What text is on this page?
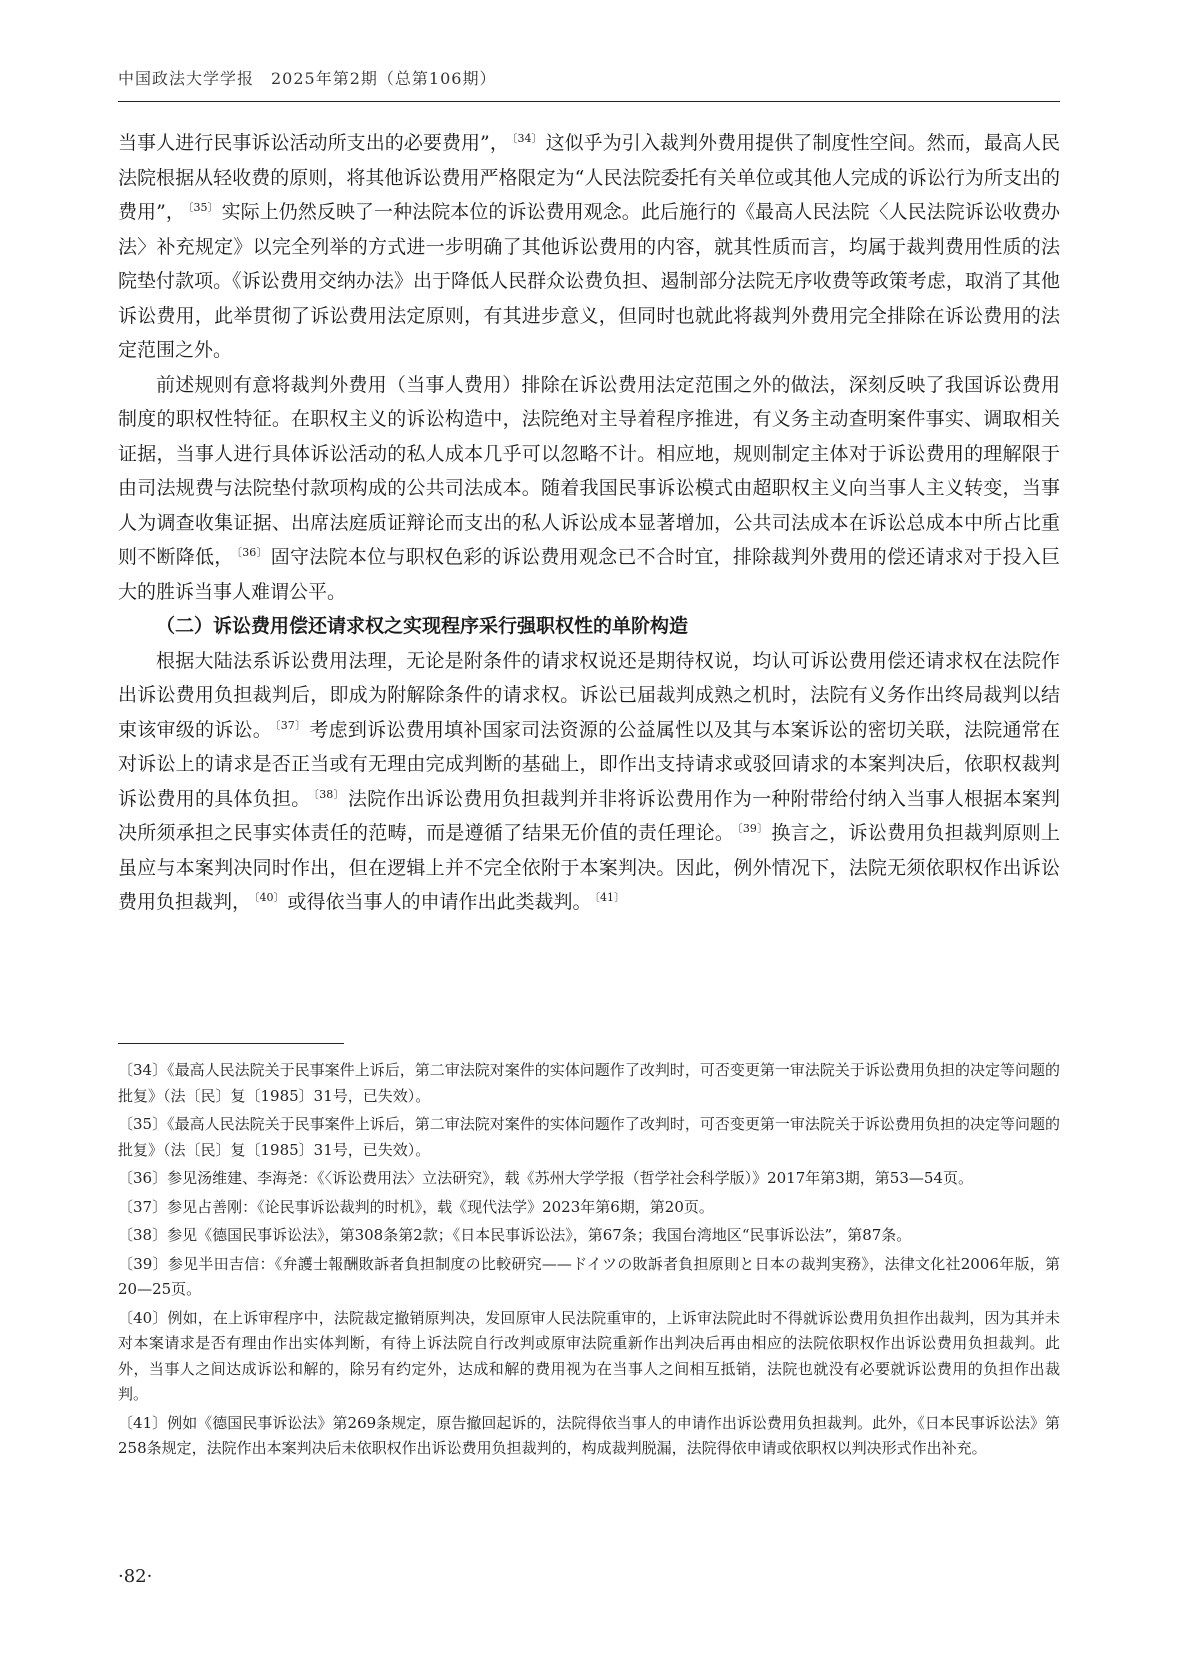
中国政法大学学报　2025年第2期（总第106期）

当事人进行民事诉讼活动所支出的必要费用”， $^{〔34〕}$ 这似乎为引入裁判外费用提供了制度性空间。然而，最高人民法院根据从轻收费的原则，将其他诉讼费用严格限定为“人民法院委托有关单位或其他人完成的诉讼行为所支出的费用”， $^{〔35〕}$ 实际上仍然反映了一种法院本位的诉讼费用观念。此后施行的《最高人民法院〈人民法院诉讼收费办法〉补充规定》以完全列举的方式进一步明确了其他诉讼费用的内容，就其性质而言，均属于裁判费用性质的法院垫付款项。《诉讼费用交纳办法》出于降低人民群众讼费负担、遏制部分法院无序收费等政策考虑，取消了其他诉讼费用，此举贯彻了诉讼费用法定原则，有其进步意义，但同时也就此将裁判外费用完全排除在诉讼费用的法定范围之外。

前述规则有意将裁判外费用（当事人费用）排除在诉讼费用法定范围之外的做法，深刻反映了我国诉讼费用制度的职权性特征。在职权主义的诉讼构造中，法院绝对主导着程序推进，有义务主动查明案件事实、调取相关证据，当事人进行具体诉讼活动的私人成本几乎可以忽略不计。相应地，规则制定主体对于诉讼费用的理解限于由司法规费与法院垫付款项构成的公共司法成本。随着我国民事诉讼模式由超职权主义向当事人主义转变，当事人为调查收集证据、出席法庭质证辩论而支出的私人诉讼成本显著增加，公共司法成本在诉讼总成本中所占比重则不断降低， $^{〔36〕}$ 固守法院本位与职权色彩的诉讼费用观念已不合时宜，排除裁判外费用的偿还请求对于投入巨大的胜诉当事人难谓公平。

（二）诉讼费用偿还请求权之实现程序采行强职权性的单阶构造

根据大陆法系诉讼费用法理，无论是附条件的请求权说还是期待权说，均认可诉讼费用偿还请求权在法院作出诉讼费用负担裁判后，即成为附解除条件的请求权。诉讼已届裁判成熟之机时，法院有义务作出终局裁判以结束该审级的诉讼。 $^{〔37〕}$ 考虑到诉讼费用填补国家司法资源的公益属性以及其与本案诉讼的密切关联，法院通常在对诉讼上的请求是否正当或有无理由完成判断的基础上，即作出支持请求或驳回请求的本案判决后，依职权裁判诉讼费用的具体负担。 $^{〔38〕}$ 法院作出诉讼费用负担裁判并非将诉讼费用作为一种附带给付纳入当事人根据本案判决所须承担之民事实体责任的范畴，而是遵循了结果无价值的责任理论。 $^{〔39〕}$ 换言之，诉讼费用负担裁判原则上虽应与本案判决同时作出，但在逻辑上并不完全依附于本案判决。因此，例外情况下，法院无须依职权作出诉讼费用负担裁判， $^{〔40〕}$ 或得依当事人的申请作出此类裁判。 $^{〔41〕}$

〔34〕《最高人民法院关于民事案件上诉后，第二审法院对案件的实体问题作了改判时，可否变更第一审法院关于诉讼费用负担的决定等问题的批复》（法〔民〕复〔1985〕31号，已失效）。

〔35〕《最高人民法院关于民事案件上诉后，第二审法院对案件的实体问题作了改判时，可否变更第一审法院关于诉讼费用负担的决定等问题的批复》（法〔民〕复〔1985〕31号，已失效）。

〔36〕参见汤维建、李海尧：《〈诉讼费用法〉立法研究》，载《苏州大学学报（哲学社会科学版）》2017年第3期，第53—54页。

〔37〕参见占善刚：《论民事诉讼裁判的时机》，载《现代法学》2023年第6期，第20页。

〔38〕参见《德国民事诉讼法》，第308条第2款；《日本民事诉讼法》，第67条；我国台湾地区“民事诉讼法”，第87条。

〔39〕参见半田吉信：《弁護士報酬敗訴者負担制度の比較研究——ドイツの敗訴者負担原則と日本の裁判実務》，法律文化社2006年版，第20—25页。

〔40〕例如，在上诉审程序中，法院裁定撤销原判决，发回原审人民法院重审的，上诉审法院此时不得就诉讼费用负担作出裁判，因为其并未对本案请求是否有理由作出实体判断，有待上诉法院自行改判或原审法院重新作出判决后再由相应的法院依职权作出诉讼费用负担裁判。此外，当事人之间达成诉讼和解的，除另有约定外，达成和解的费用视为在当事人之间相互抵销，法院也就没有必要就诉讼费用的负担作出裁判。

〔41〕例如《德国民事诉讼法》第269条规定，原告撤回起诉的，法院得依当事人的申请作出诉讼费用负担裁判。此外，《日本民事诉讼法》第258条规定，法院作出本案判决后未依职权作出诉讼费用负担裁判的，构成裁判脱漏，法院得依申请或依职权以判决形式作出补充。

·82·
